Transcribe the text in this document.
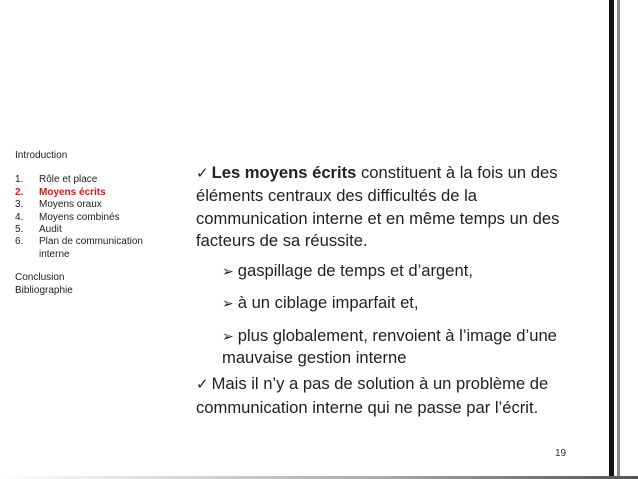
Introduction
1.	Rôle et place
2.	Moyens écrits
3.	Moyens oraux
4.	Moyens combinés
5.	Audit
6.	Plan de communication interne
Conclusion
Bibliographie

✓ Les moyens écrits constituent à la fois un des éléments centraux des difficultés de la communication interne et en même temps un des facteurs de sa réussite.

➢ gaspillage de temps et d’argent,
➢ à un ciblage imparfait et,
➢ plus globalement, renvoient à l’image d’une mauvaise gestion interne

✓ Mais il n’y a pas de solution à un problème de communication interne qui ne passe par l’écrit.

19
